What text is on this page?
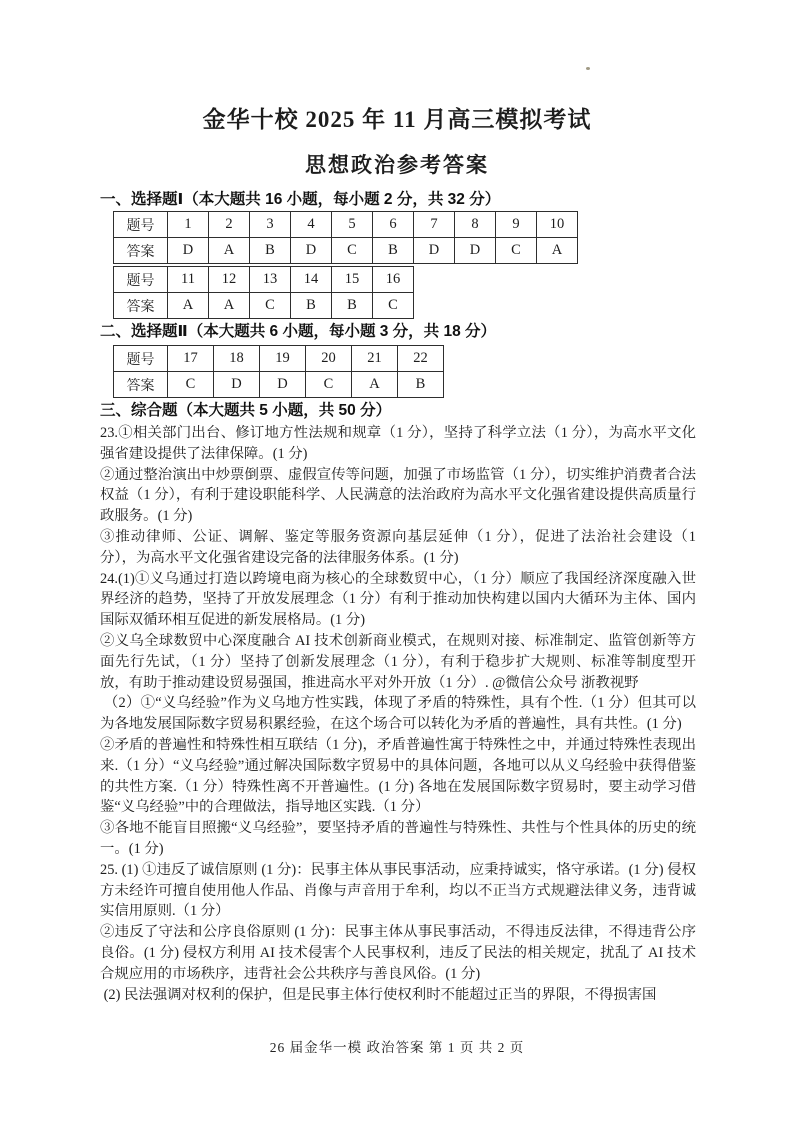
金华十校 2025 年 11 月高三模拟考试
思想政治参考答案
一、选择题Ⅰ（本大题共 16 小题，每小题 2 分，共 32 分）
题号	1	2	3	4	5	6	7	8	9	10
答案	D	A	B	D	C	B	D	D	C	A
题号	11	12	13	14	15	16
答案	A	A	C	B	B	C
二、选择题Ⅱ（本大题共 6 小题，每小题 3 分，共 18 分）
题号	17	18	19	20	21	22
答案	C	D	D	C	A	B
三、综合题（本大题共 5 小题，共 50 分）
23.①相关部门出台、修订地方性法规和规章（1 分），坚持了科学立法（1 分），为高水平文化强省建设提供了法律保障。(1 分)
②通过整治演出中炒票倒票、虚假宣传等问题，加强了市场监管（1 分），切实维护消费者合法权益（1 分），有利于建设职能科学、人民满意的法治政府为高水平文化强省建设提供高质量行政服务。(1 分)
③推动律师、公证、调解、鉴定等服务资源向基层延伸（1 分），促进了法治社会建设（1 分），为高水平文化强省建设完备的法律服务体系。(1 分)
24.(1)①义乌通过打造以跨境电商为核心的全球数贸中心，（1 分）顺应了我国经济深度融入世界经济的趋势，坚持了开放发展理念（1 分）有利于推动加快构建以国内大循环为主体、国内国际双循环相互促进的新发展格局。(1 分)
②义乌全球数贸中心深度融合 AI 技术创新商业模式，在规则对接、标准制定、监管创新等方面先行先试，（1 分）坚持了创新发展理念（1 分），有利于稳步扩大规则、标准等制度型开放，有助于推动建设贸易强国，推进高水平对外开放（1 分）. @微信公众号 浙教视野
（2）①“义乌经验”作为义乌地方性实践，体现了矛盾的特殊性，具有个性.（1 分）但其可以为各地发展国际数字贸易积累经验，在这个场合可以转化为矛盾的普遍性，具有共性。(1 分)
②矛盾的普遍性和特殊性相互联结（1 分)，矛盾普遍性寓于特殊性之中，并通过特殊性表现出来.（1 分）“义乌经验”通过解决国际数字贸易中的具体问题，各地可以从义乌经验中获得借鉴的共性方案.（1 分）特殊性离不开普遍性。(1 分) 各地在发展国际数字贸易时，要主动学习借鉴“义乌经验”中的合理做法，指导地区实践.（1 分）
③各地不能盲目照搬“义乌经验”，要坚持矛盾的普遍性与特殊性、共性与个性具体的历史的统一。(1 分)
25. (1) ①违反了诚信原则 (1 分)：民事主体从事民事活动，应秉持诚实，恪守承诺。(1 分) 侵权方未经许可擅自使用他人作品、肖像与声音用于牟利，均以不正当方式规避法律义务，违背诚实信用原则.（1 分）
②违反了守法和公序良俗原则 (1 分)：民事主体从事民事活动，不得违反法律，不得违背公序良俗。(1 分) 侵权方利用 AI 技术侵害个人民事权利，违反了民法的相关规定，扰乱了 AI 技术合规应用的市场秩序，违背社会公共秩序与善良风俗。(1 分)
(2) 民法强调对权利的保护，但是民事主体行使权利时不能超过正当的界限，不得损害国
26 届金华一模 政治答案 第 1 页 共 2 页
